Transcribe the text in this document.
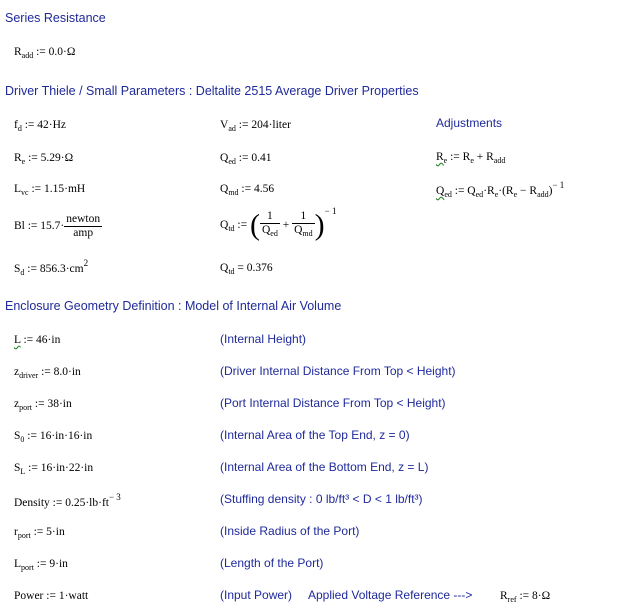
Series Resistance
$R_{add}$ := 0.0·Ω
Driver Thiele / Small Parameters : Deltalite 2515 Average Driver Properties
$f_d$ := 42·Hz
$R_e$ := 5.29·Ω
$L_{vc}$ := 1.15·mH
Bl := $15.7\cdot \frac{\text{newton}}{\text{amp}}$
$S_d$ := $856.3\cdot cm^2$
$V_{ad}$ := 204·liter
$Q_{ed}$ := 0.41
$Q_{md}$ := 4.56
$Q_{td}$ := ( $\frac{1}{Q_{ed}} + \frac{1}{Q_{md}} )^{- 1}$
$Q_{td} = 0.376$
Adjustments
$R_e$ := $R_e + R_{add}$
$Q_{ed}$ := $Q_{ed}\cdot R_e\cdot(R_e - R_{add})^{- 1}$
Enclosure Geometry Definition : Model of Internal Air Volume
L := 46·in
$z_{driver}$ := 8.0·in
$z_{port}$ := 38·in
$S_0$ := 16·in·16·in
$S_L$ := 16·in·22·in
Density := $0.25\cdot lb\cdot ft^{- 3}$
$r_{port}$ := 5·in
$L_{port}$ := 9·in
Power := 1·watt
(Internal Height)
(Driver Internal Distance From Top < Height)
(Port Internal Distance From Top < Height)
(Internal Area of the Top End, z = 0)
(Internal Area of the Bottom End, z = L)
(Stuffing density : 0 lb/ft³ < D < 1 lb/ft³)
(Inside Radius of the Port)
(Length of the Port)
(Input Power) Applied Voltage Reference ---> $R_{ref}$ := 8·Ω
